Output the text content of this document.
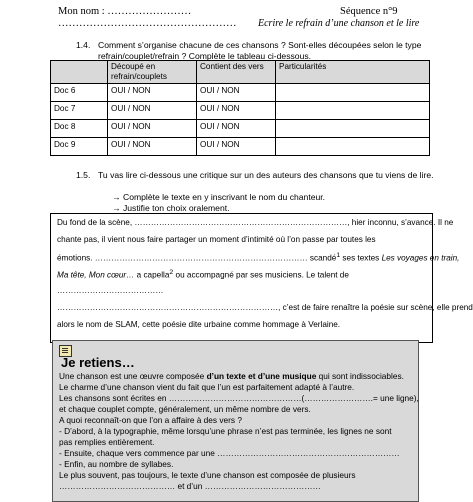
Mon nom : ……………………
……………………………………………
Séquence n°9
Ecrire le refrain d’une chanson et le lire
1.4. Comment s’organise chacune de ces chansons ? Sont-elles découpées selon le type refrain/couplet/refrain ? Complète le tableau ci-dessous.
	Découpé en refrain/couplets	Contient des vers	Particularités
Doc 6	OUI / NON	OUI / NON	
Doc 7	OUI / NON	OUI / NON	
Doc 8	OUI / NON	OUI / NON	
Doc 9	OUI / NON	OUI / NON	
1.5. Tu vas lire ci-dessous une critique sur un des auteurs des chansons que tu viens de lire.
→ Complète le texte en y inscrivant le nom du chanteur.
→ Justifie ton choix oralement.
Du fond de la scène, ……………………………………………………………………, hier inconnu, s’avance. Il ne
chante pas, il vient nous faire partager un moment d’intimité où l’on passe par toutes les
émotions. …………………………………………………………………… scandé$^1$ ses textes Les voyages en train,
Ma tête, Mon cœur… a capella$^2$ ou accompagné par ses musiciens. Le talent de
…………………………………
………………………………………………………………………, c’est de faire renaître la poésie sur scène, elle prend
alors le nom de SLAM, cette poésie dite urbaine comme hommage à Verlaine.
Je retiens…
Une chanson est une œuvre composée d’un texte et d’une musique qui sont indissociables.
Le charme d’une chanson vient du fait que l’un est parfaitement adapté à l’autre.
Les chansons sont écrites en …………………………………………(…………………….= une ligne),
et chaque couplet compte, généralement, un même nombre de vers.
A quoi reconnaît-on que l’on a affaire à des vers ?
- D’abord, à la typographie, même lorsqu’une phrase n’est pas terminée, les lignes ne sont
pas remplies entièrement.
- Ensuite, chaque vers commence par une …………………………………………………………
- Enfin, au nombre de syllabes.
Le plus souvent, pas toujours, le texte d’une chanson est composée de plusieurs
…………………………………… et d’un ……………………………………
